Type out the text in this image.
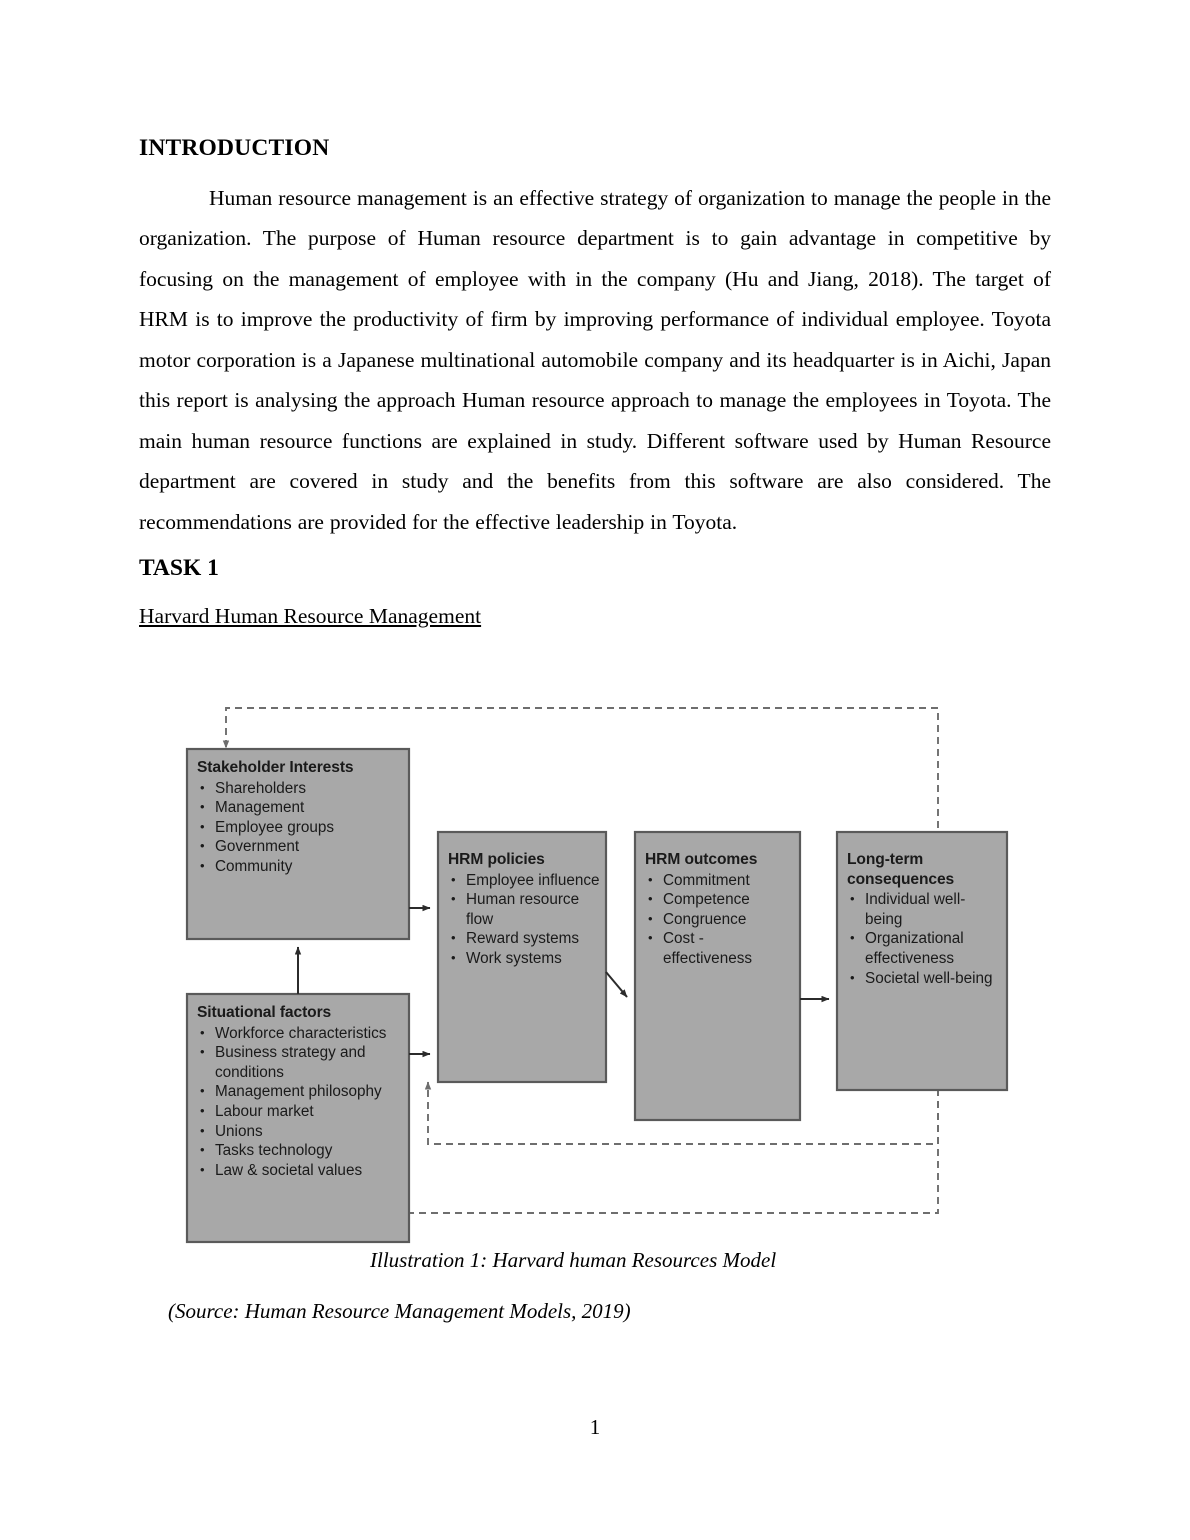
INTRODUCTION

Human resource management is an effective strategy of organization to manage the people in the organization. The purpose of Human resource department is to gain advantage in competitive by focusing on the management of employee with in the company (Hu and Jiang, 2018). The target of HRM is to improve the productivity of firm by improving performance of individual employee. Toyota motor corporation is a Japanese multinational automobile company and its headquarter is in Aichi, Japan this report is analysing the approach Human resource approach to manage the employees in Toyota. The main human resource functions are explained in study. Different software used by Human Resource department are covered in study and the benefits from this software are also considered. The recommendations are provided for the effective leadership in Toyota.

TASK 1
Harvard Human Resource Management
Stakeholder Interests
• Shareholders
• Management
• Employee groups
• Government
• Community
Situational factors
• Workforce characteristics
• Business strategy and conditions
• Management philosophy
• Labour market
• Unions
• Tasks technology
• Law & societal values
HRM policies
• Employee influence
• Human resource flow
• Reward systems
• Work systems
HRM outcomes
• Commitment
• Competence
• Congruence
• Cost - effectiveness
Long-term consequences
• Individual well-being
• Organizational effectiveness
• Societal well-being
Illustration 1: Harvard human Resources Model
(Source: Human Resource Management Models, 2019)
1
